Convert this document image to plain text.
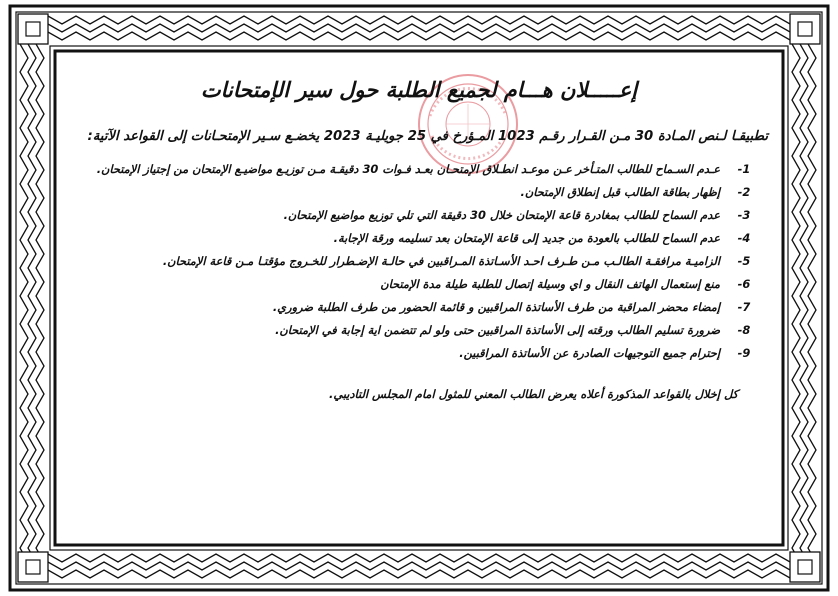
إعـــــلان هـــام لجميع الطلبة حول سير الإمتحانات
تطبيقـا لـنص المـادة 30 مـن القـرار رقـم 1023 المـؤرخ في 25 جويليـة 2023 يخضـع سـير الإمتحـانات إلى القواعد الآتية:
-1
عـدم السـماح للطالب المتـأخر عـن موعـد انطـلاق الإمتحـان بعـد فـوات 30 دقيقـة مـن توزيـع مواضيـع الإمتحان من إجتياز الإمتحان.
-2
إظهار بطاقة الطالب قبل إنطلاق الإمتحان.
-3
عدم السماح للطالب بمغادرة قاعة الإمتحان خلال 30 دقيقة التي تلي توزيع مواضيع الإمتحان.
-4
عدم السماح للطالب بالعودة من جديد إلى قاعة الإمتحان بعد تسليمه ورقة الإجابة.
-5
الزاميـة مرافقـة الطالـب مـن طـرف احـد الأسـاتذة المـراقبين في حالـة الإضـطرار للخـروج مؤقتـا مـن قاعة الإمتحان.
-6
منع إستعمال الهاتف النقال و اي وسيلة إتصال للطلبة طيلة مدة الإمتحان
-7
إمضاء محضر المراقبة من طرف الأساتذة المراقبين و قائمة الحضور من طرف الطلبة ضروري.
-8
ضرورة تسليم الطالب ورقته إلى الأساتذة المراقبين حتى ولو لم تتضمن اية إجابة في الإمتحان.
-9
إحترام جميع التوجيهات الصادرة عن الأساتذة المراقبين.
كل إخلال بالقواعد المذكورة أعلاه يعرض الطالب المعني للمثول امام المجلس التاديبي.
